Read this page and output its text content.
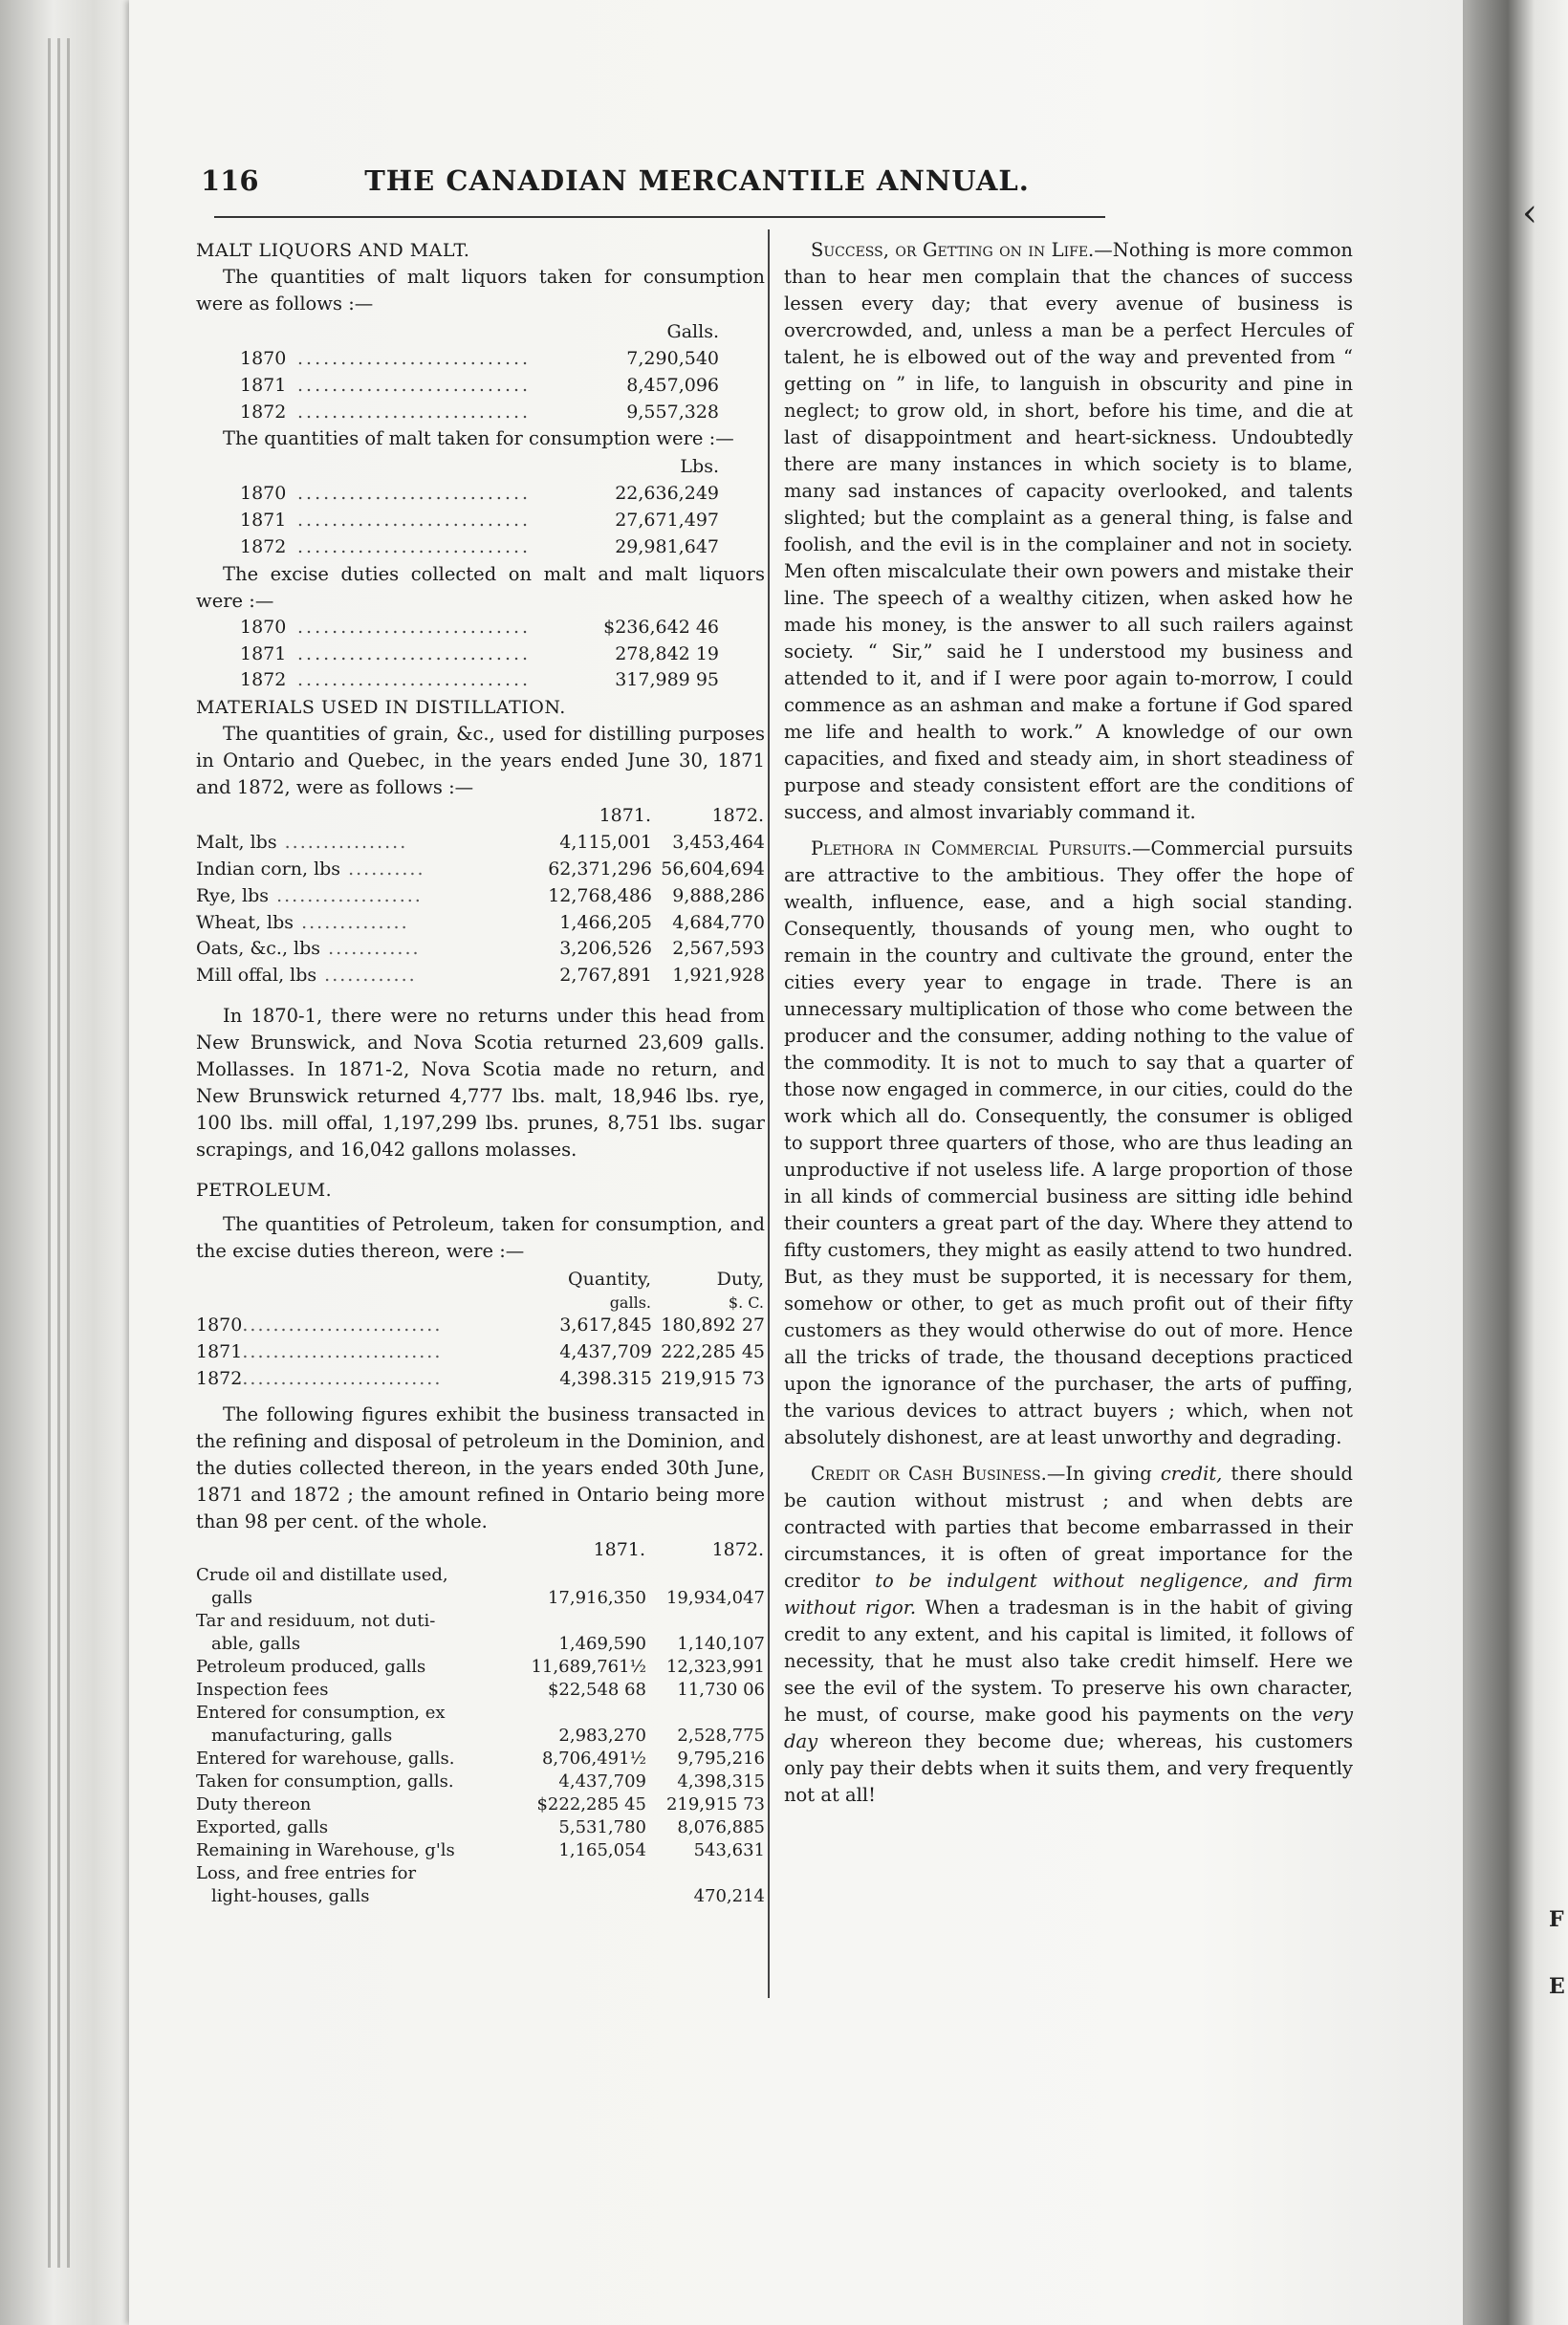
‹
F
E
116	THE CANADIAN MERCANTILE ANNUAL.

MALT LIQUORS AND MALT.

The quantities of malt liquors taken for consumption were as follows :—

Galls.		
1870	...........................	7,290,540
1871	...........................	8,457,096
1872	...........................	9,557,328

The quantities of malt taken for consumption were :—

Lbs.		
1870	...........................	22,636,249
1871	...........................	27,671,497
1872	...........................	29,981,647

The excise duties collected on malt and malt liquors were :—

1870	...........................	$236,642 46
1871	...........................	278,842 19
1872	...........................	317,989 95

MATERIALS USED IN DISTILLATION.

The quantities of grain, &c., used for distilling purposes in Ontario and Quebec, in the years ended June 30, 1871 and 1872, were as follows :—

	1871.	1872.
Malt, lbs ................	4,115,001	3,453,464
Indian corn, lbs ..........	62,371,296	56,604,694
Rye, lbs ...................	12,768,486	9,888,286
Wheat, lbs ..............	1,466,205	4,684,770
Oats, &c., lbs ............	3,206,526	2,567,593
Mill offal, lbs ............	2,767,891	1,921,928

In 1870-1, there were no returns under this head from New Brunswick, and Nova Scotia returned 23,609 galls. Mollasses. In 1871-2, Nova Scotia made no return, and New Brunswick returned 4,777 lbs. malt, 18,946 lbs. rye, 100 lbs. mill offal, 1,197,299 lbs. prunes, 8,751 lbs. sugar scrapings, and 16,042 gallons molasses.

PETROLEUM.

The quantities of Petroleum, taken for consumption, and the excise duties thereon, were :—

	Quantity,	Duty,
	galls.	$. C.
1870..........................	3,617,845	180,892 27
1871..........................	4,437,709	222,285 45
1872..........................	4,398.315	219,915 73

The following figures exhibit the business transacted in the refining and disposal of petroleum in the Dominion, and the duties collected thereon, in the years ended 30th June, 1871 and 1872 ; the amount refined in Ontario being more than 98 per cent. of the whole.

	1871.	1872.
Crude oil and distillate used,
galls	17,916,350	19,934,047
Tar and residuum, not duti-
able, galls	1,469,590	1,140,107
Petroleum produced, galls	11,689,761½	12,323,991
Inspection fees	$22,548 68	11,730 06
Entered for consumption, ex
manufacturing, galls	2,983,270	2,528,775
Entered for warehouse, galls.	8,706,491½	9,795,216
Taken for consumption, galls.	4,437,709	4,398,315
Duty thereon	$222,285 45	219,915 73
Exported, galls	5,531,780	8,076,885
Remaining in Warehouse, g'ls	1,165,054	543,631
Loss, and free entries for
light-houses, galls		470,214

Success, or Getting on in Life.—Nothing is more common than to hear men complain that the chances of success lessen every day; that every avenue of business is overcrowded, and, unless a man be a perfect Hercules of talent, he is elbowed out of the way and prevented from “ getting on ” in life, to languish in obscurity and pine in neglect; to grow old, in short, before his time, and die at last of disappointment and heart-sickness. Undoubtedly there are many instances in which society is to blame, many sad instances of capacity overlooked, and talents slighted; but the complaint as a general thing, is false and foolish, and the evil is in the complainer and not in society. Men often miscalculate their own powers and mistake their line. The speech of a wealthy citizen, when asked how he made his money, is the answer to all such railers against society. “ Sir,” said he I understood my business and attended to it, and if I were poor again to-morrow, I could commence as an ashman and make a fortune if God spared me life and health to work.” A knowledge of our own capacities, and fixed and steady aim, in short steadiness of purpose and steady consistent effort are the conditions of success, and almost invariably command it.

Plethora in Commercial Pursuits.—Commercial pursuits are attractive to the ambitious. They offer the hope of wealth, influence, ease, and a high social standing. Consequently, thousands of young men, who ought to remain in the country and cultivate the ground, enter the cities every year to engage in trade. There is an unnecessary multiplication of those who come between the producer and the consumer, adding nothing to the value of the commodity. It is not to much to say that a quarter of those now engaged in commerce, in our cities, could do the work which all do. Consequently, the consumer is obliged to support three quarters of those, who are thus leading an unproductive if not useless life. A large proportion of those in all kinds of commercial business are sitting idle behind their counters a great part of the day. Where they attend to fifty customers, they might as easily attend to two hundred. But, as they must be supported, it is necessary for them, somehow or other, to get as much profit out of their fifty customers as they would otherwise do out of more. Hence all the tricks of trade, the thousand deceptions practiced upon the ignorance of the purchaser, the arts of puffing, the various devices to attract buyers ; which, when not absolutely dishonest, are at least unworthy and degrading.

Credit or Cash Business.—In giving credit, there should be caution without mistrust ; and when debts are contracted with parties that become embarrassed in their circumstances, it is often of great importance for the creditor to be indulgent without negligence, and firm without rigor. When a tradesman is in the habit of giving credit to any extent, and his capital is limited, it follows of necessity, that he must also take credit himself. Here we see the evil of the system. To preserve his own character, he must, of course, make good his payments on the very day whereon they become due; whereas, his customers only pay their debts when it suits them, and very frequently not at all!
